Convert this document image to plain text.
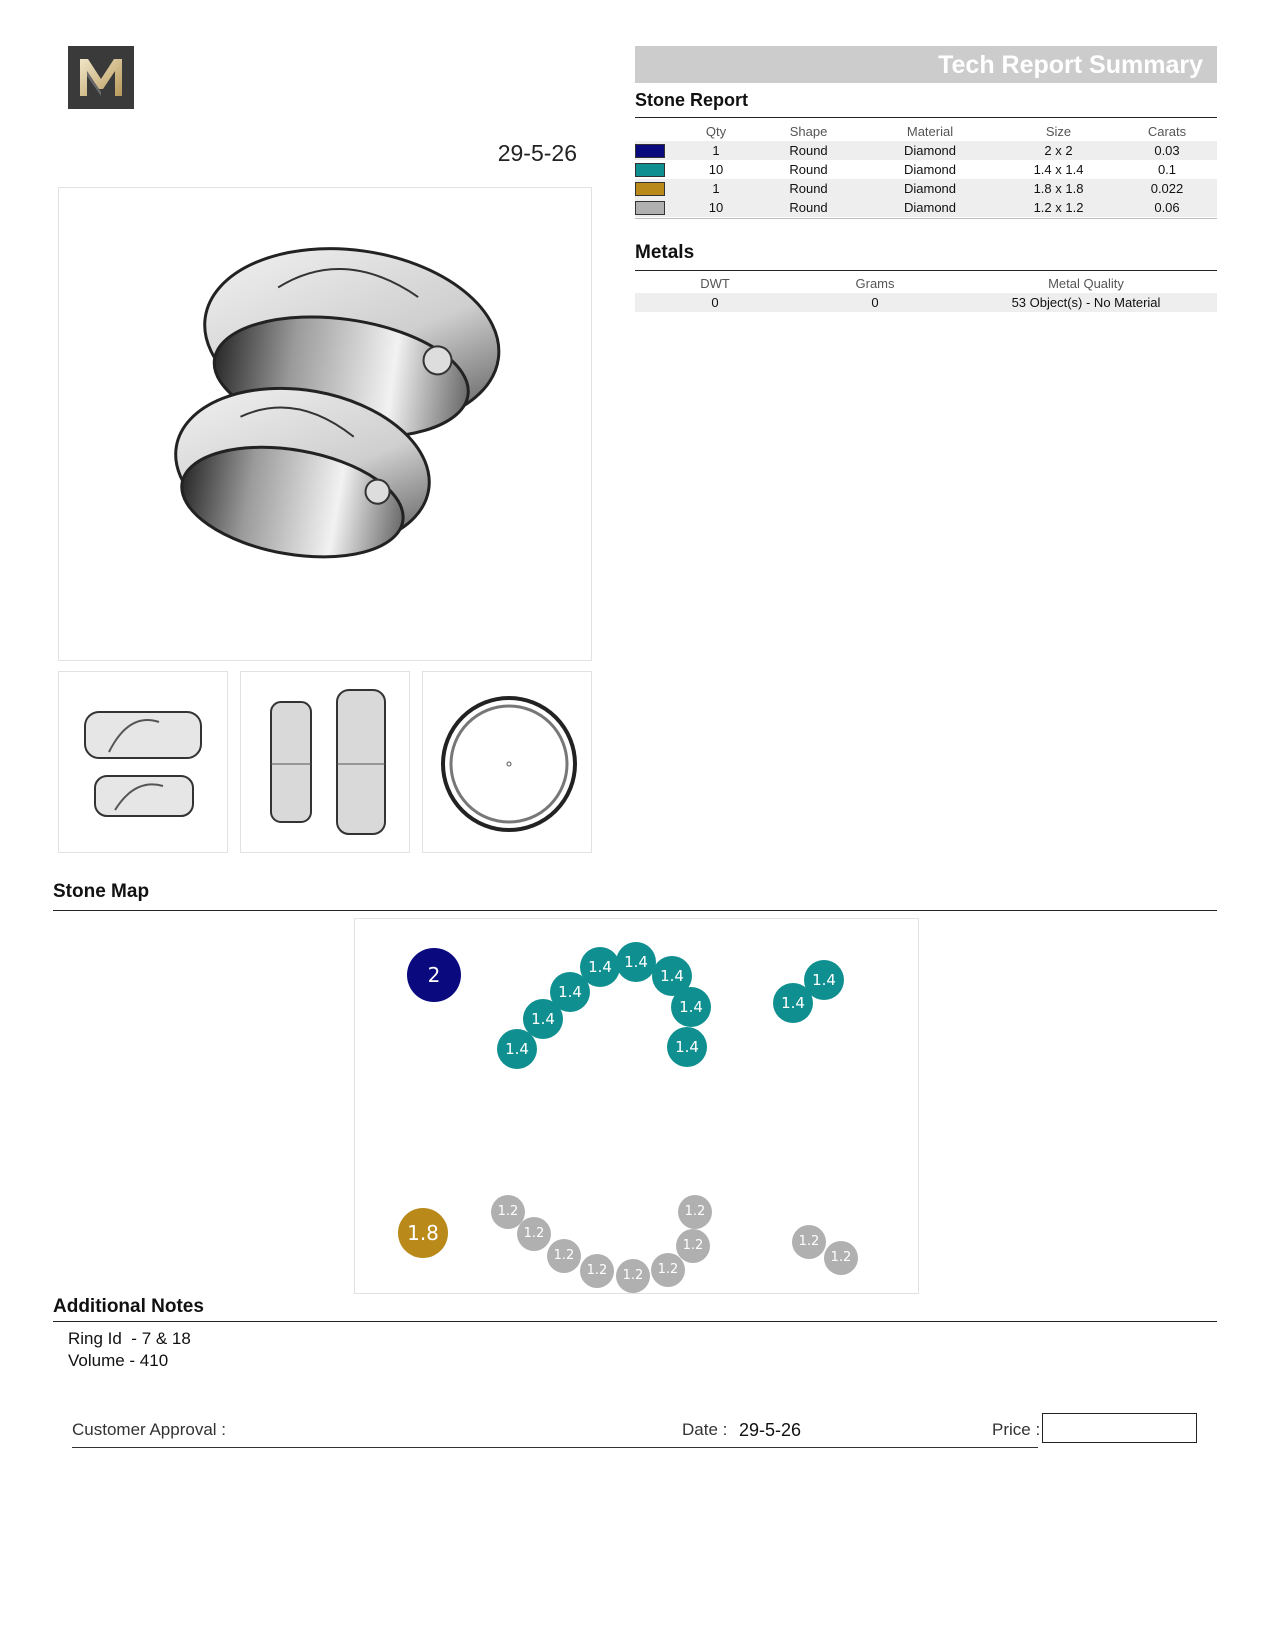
29-5-26
Tech Report Summary
Stone Report
	Qty	Shape	Material	Size	Carats

	1	Round	Diamond	2 x 2	0.03

	10	Round	Diamond	1.4 x 1.4	0.1

	1	Round	Diamond	1.8 x 1.8	0.022

	10	Round	Diamond	1.2 x 1.2	0.06
Metals
DWT	Grams	Metal Quality
0	0	53 Object(s) - No Material
Stone Map
2
1.4
1.4
1.4
1.4 1.4
1.4
1.4
1.4
1.4
1.4
1.8
1.2
1.2
1.2
1.2	1.2	1.2
1.2
1.2
1.2
1.2
Additional Notes
Ring Id  - 7 & 18
Volume - 410
Customer Approval :	Date : 29-5-26	Price :
